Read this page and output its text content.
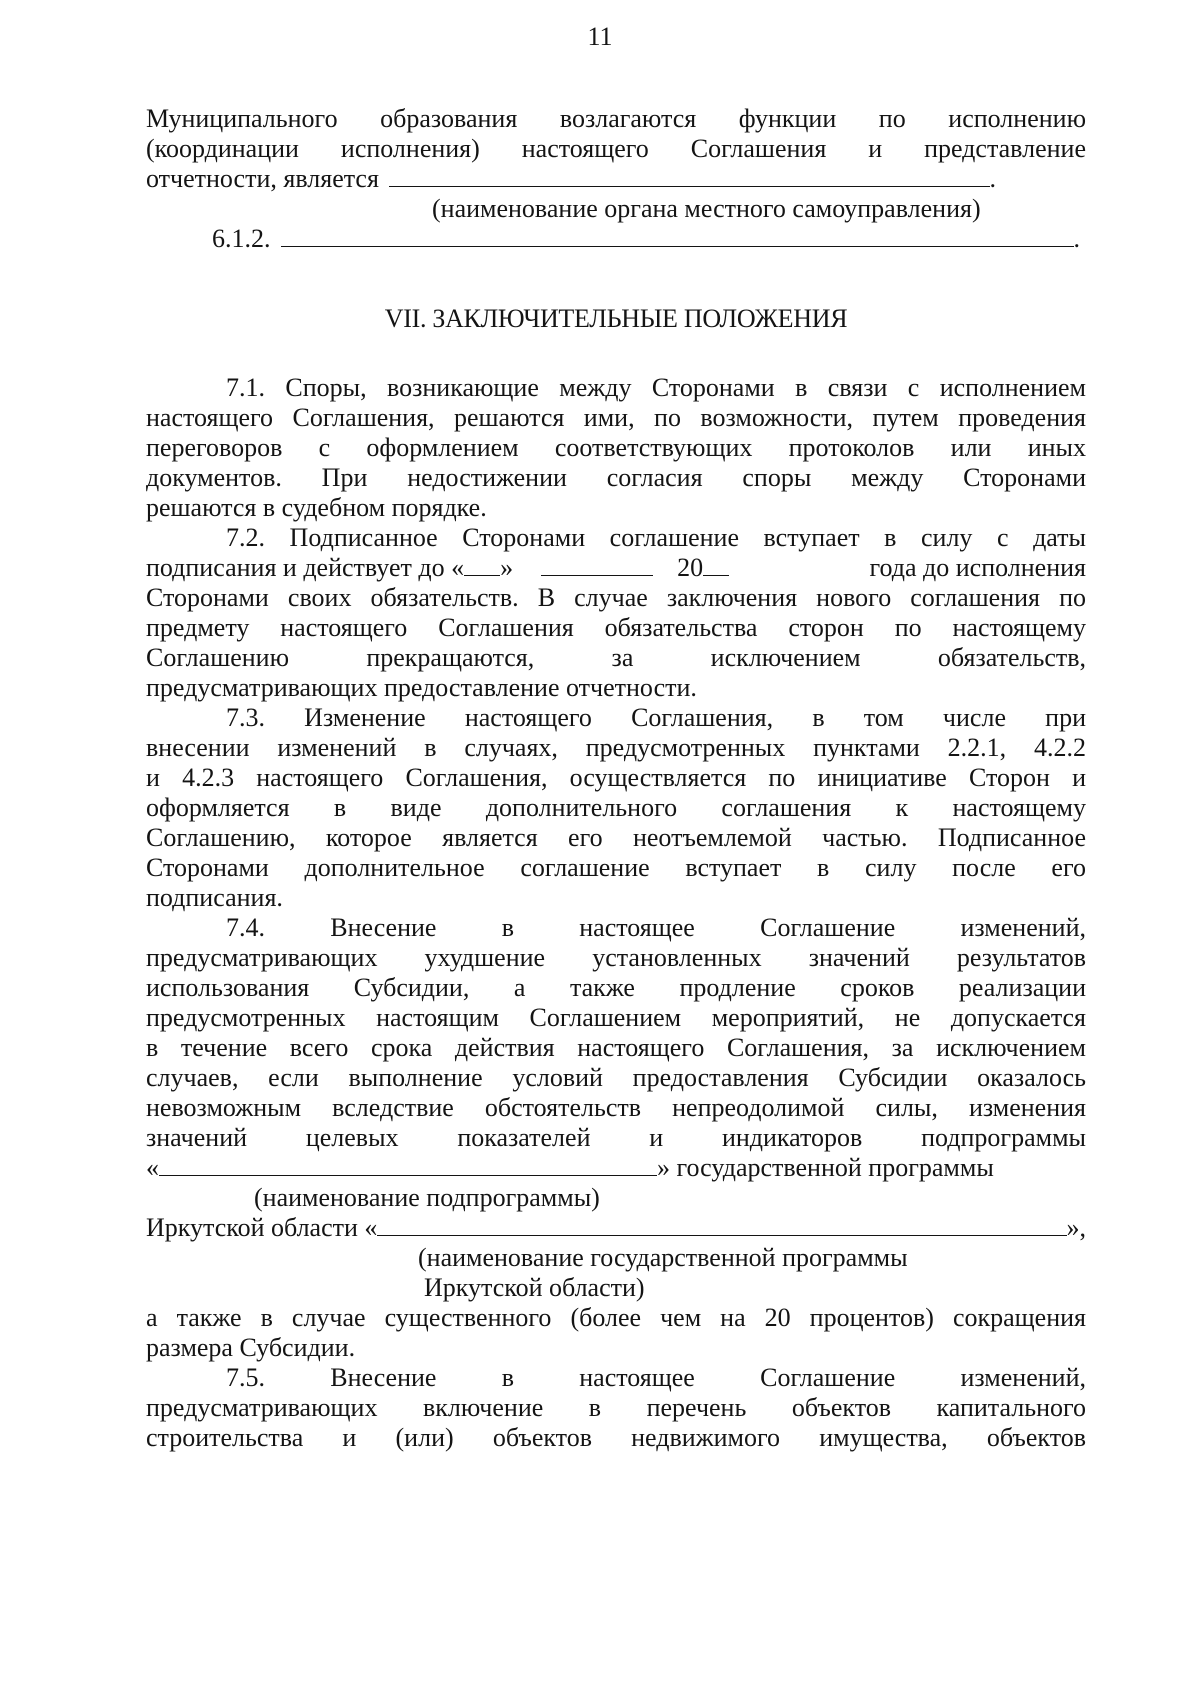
11
Муниципального образования возлагаются функции по исполнению
(координации исполнения) настоящего Соглашения и представление
отчетности, является	.
(наименование органа местного самоуправления)
6.1.2.	.
VII. ЗАКЛЮЧИТЕЛЬНЫЕ ПОЛОЖЕНИЯ
7.1. Споры, возникающие между Сторонами в связи с исполнением
настоящего Соглашения, решаются ими, по возможности, путем проведения
переговоров с оформлением соответствующих протоколов или иных
документов. При недостижении согласия споры между Сторонами
решаются в судебном порядке.
7.2. Подписанное Сторонами соглашение вступает в силу с даты
подписания и действует до « »	20	года до исполнения
Сторонами своих обязательств. В случае заключения нового соглашения по
предмету настоящего Соглашения обязательства сторон по настоящему
Соглашению прекращаются, за исключением обязательств,
предусматривающих предоставление отчетности.
7.3. Изменение настоящего Соглашения, в том числе при
внесении изменений в случаях, предусмотренных пунктами 2.2.1, 4.2.2
и 4.2.3 настоящего Соглашения, осуществляется по инициативе Сторон и
оформляется в виде дополнительного соглашения к настоящему
Соглашению, которое является его неотъемлемой частью. Подписанное
Сторонами дополнительное соглашение вступает в силу после его
подписания.
7.4. Внесение в настоящее Соглашение изменений,
предусматривающих ухудшение установленных значений результатов
использования Субсидии, а также продление сроков реализации
предусмотренных настоящим Соглашением мероприятий, не допускается
в течение всего срока действия настоящего Соглашения, за исключением
случаев, если выполнение условий предоставления Субсидии оказалось
невозможным вследствие обстоятельств непреодолимой силы, изменения
значений целевых показателей и индикаторов подпрограммы
«	» государственной программы
(наименование подпрограммы)
Иркутской области «	»,
(наименование государственной программы
Иркутской области)
а также в случае существенного (более чем на 20 процентов) сокращения
размера Субсидии.
7.5. Внесение в настоящее Соглашение изменений,
предусматривающих включение в перечень объектов капитального
строительства и (или) объектов недвижимого имущества, объектов
